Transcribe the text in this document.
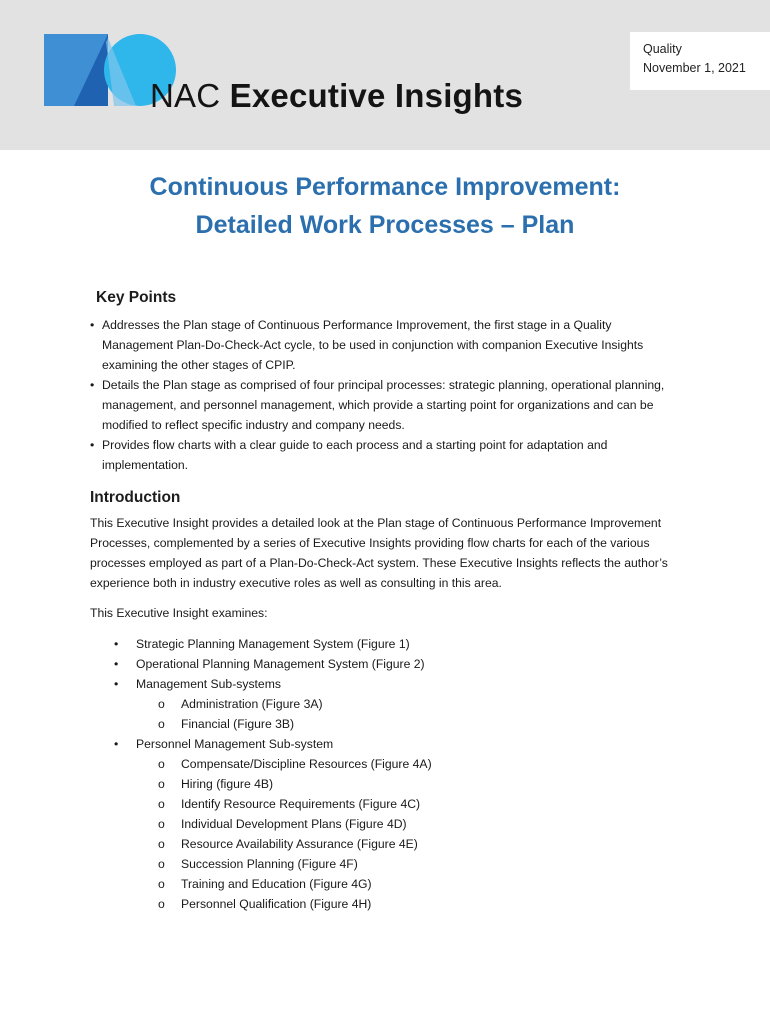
NAC Executive Insights
Quality
November 1, 2021
Continuous Performance Improvement:
Detailed Work Processes – Plan
Key Points
• Addresses the Plan stage of Continuous Performance Improvement, the first stage in a Quality Management Plan-Do-Check-Act cycle, to be used in conjunction with companion Executive Insights examining the other stages of CPIP.
• Details the Plan stage as comprised of four principal processes: strategic planning, operational planning, management, and personnel management, which provide a starting point for organizations and can be modified to reflect specific industry and company needs.
• Provides flow charts with a clear guide to each process and a starting point for adaptation and implementation.
Introduction

This Executive Insight provides a detailed look at the Plan stage of Continuous Performance Improvement Processes, complemented by a series of Executive Insights providing flow charts for each of the various processes employed as part of a Plan-Do-Check-Act system. These Executive Insights reflects the author’s experience both in industry executive roles as well as consulting in this area.

This Executive Insight examines:

• Strategic Planning Management System (Figure 1)
• Operational Planning Management System (Figure 2)
• Management Sub-systems
o Administration (Figure 3A)
o Financial (Figure 3B)
• Personnel Management Sub-system
o Compensate/Discipline Resources (Figure 4A)
o Hiring (figure 4B)
o Identify Resource Requirements (Figure 4C)
o Individual Development Plans (Figure 4D)
o Resource Availability Assurance (Figure 4E)
o Succession Planning (Figure 4F)
o Training and Education (Figure 4G)
o Personnel Qualification (Figure 4H)
